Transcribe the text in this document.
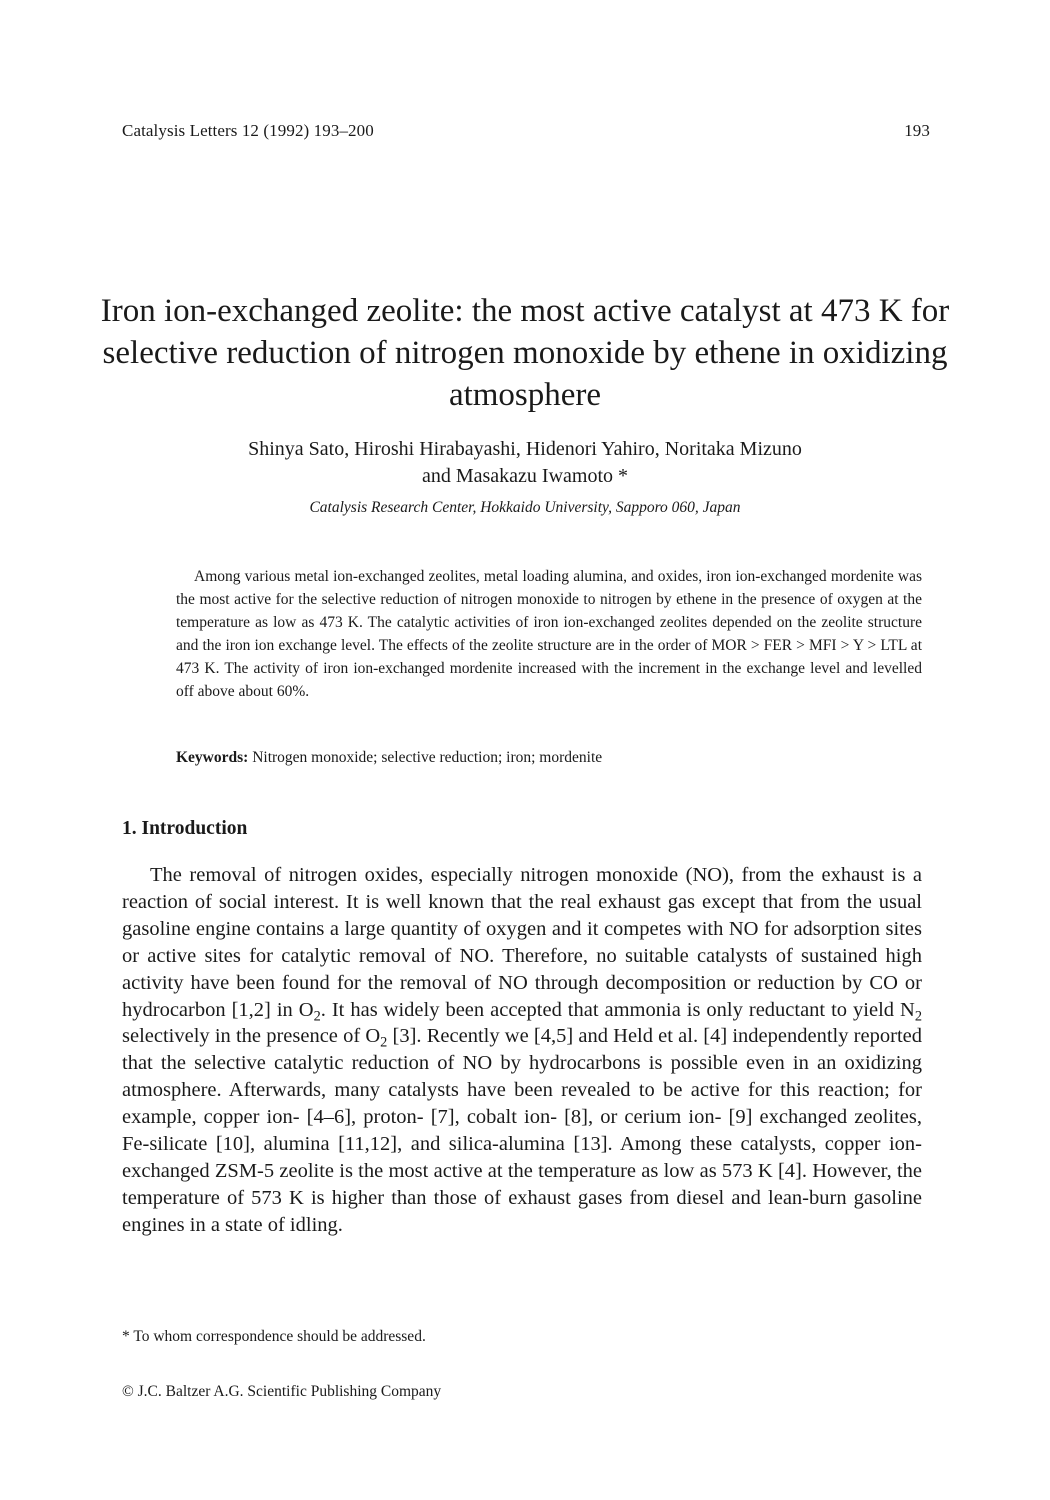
Catalysis Letters 12 (1992) 193–200	193
Iron ion-exchanged zeolite: the most active catalyst at 473 K for selective reduction of nitrogen monoxide by ethene in oxidizing atmosphere
Shinya Sato, Hiroshi Hirabayashi, Hidenori Yahiro, Noritaka Mizuno
and Masakazu Iwamoto *
Catalysis Research Center, Hokkaido University, Sapporo 060, Japan

Among various metal ion-exchanged zeolites, metal loading alumina, and oxides, iron ion-exchanged mordenite was the most active for the selective reduction of nitrogen monoxide to nitrogen by ethene in the presence of oxygen at the temperature as low as 473 K. The catalytic activities of iron ion-exchanged zeolites depended on the zeolite structure and the iron ion exchange level. The effects of the zeolite structure are in the order of MOR > FER > MFI > Y > LTL at 473 K. The activity of iron ion-exchanged mordenite increased with the increment in the exchange level and levelled off above about 60%.

Keywords: Nitrogen monoxide; selective reduction; iron; mordenite
1. Introduction

The removal of nitrogen oxides, especially nitrogen monoxide (NO), from the exhaust is a reaction of social interest. It is well known that the real exhaust gas except that from the usual gasoline engine contains a large quantity of oxygen and it competes with NO for adsorption sites or active sites for catalytic removal of NO. Therefore, no suitable catalysts of sustained high activity have been found for the removal of NO through decomposition or reduction by CO or hydrocarbon [1,2] in $O_2$. It has widely been accepted that ammonia is only reductant to yield $N_2$ selectively in the presence of $O_2$ [3]. Recently we [4,5] and Held et al. [4] independently reported that the selective catalytic reduction of NO by hydrocarbons is possible even in an oxidizing atmosphere. Afterwards, many catalysts have been revealed to be active for this reaction; for example, copper ion- [4–6], proton- [7], cobalt ion- [8], or cerium ion- [9] exchanged zeolites, Fe-silicate [10], alumina [11,12], and silica-alumina [13]. Among these catalysts, copper ion-exchanged ZSM-5 zeolite is the most active at the temperature as low as 573 K [4]. However, the temperature of 573 K is higher than those of exhaust gases from diesel and lean-burn gasoline engines in a state of idling.

* To whom correspondence should be addressed.
© J.C. Baltzer A.G. Scientific Publishing Company
